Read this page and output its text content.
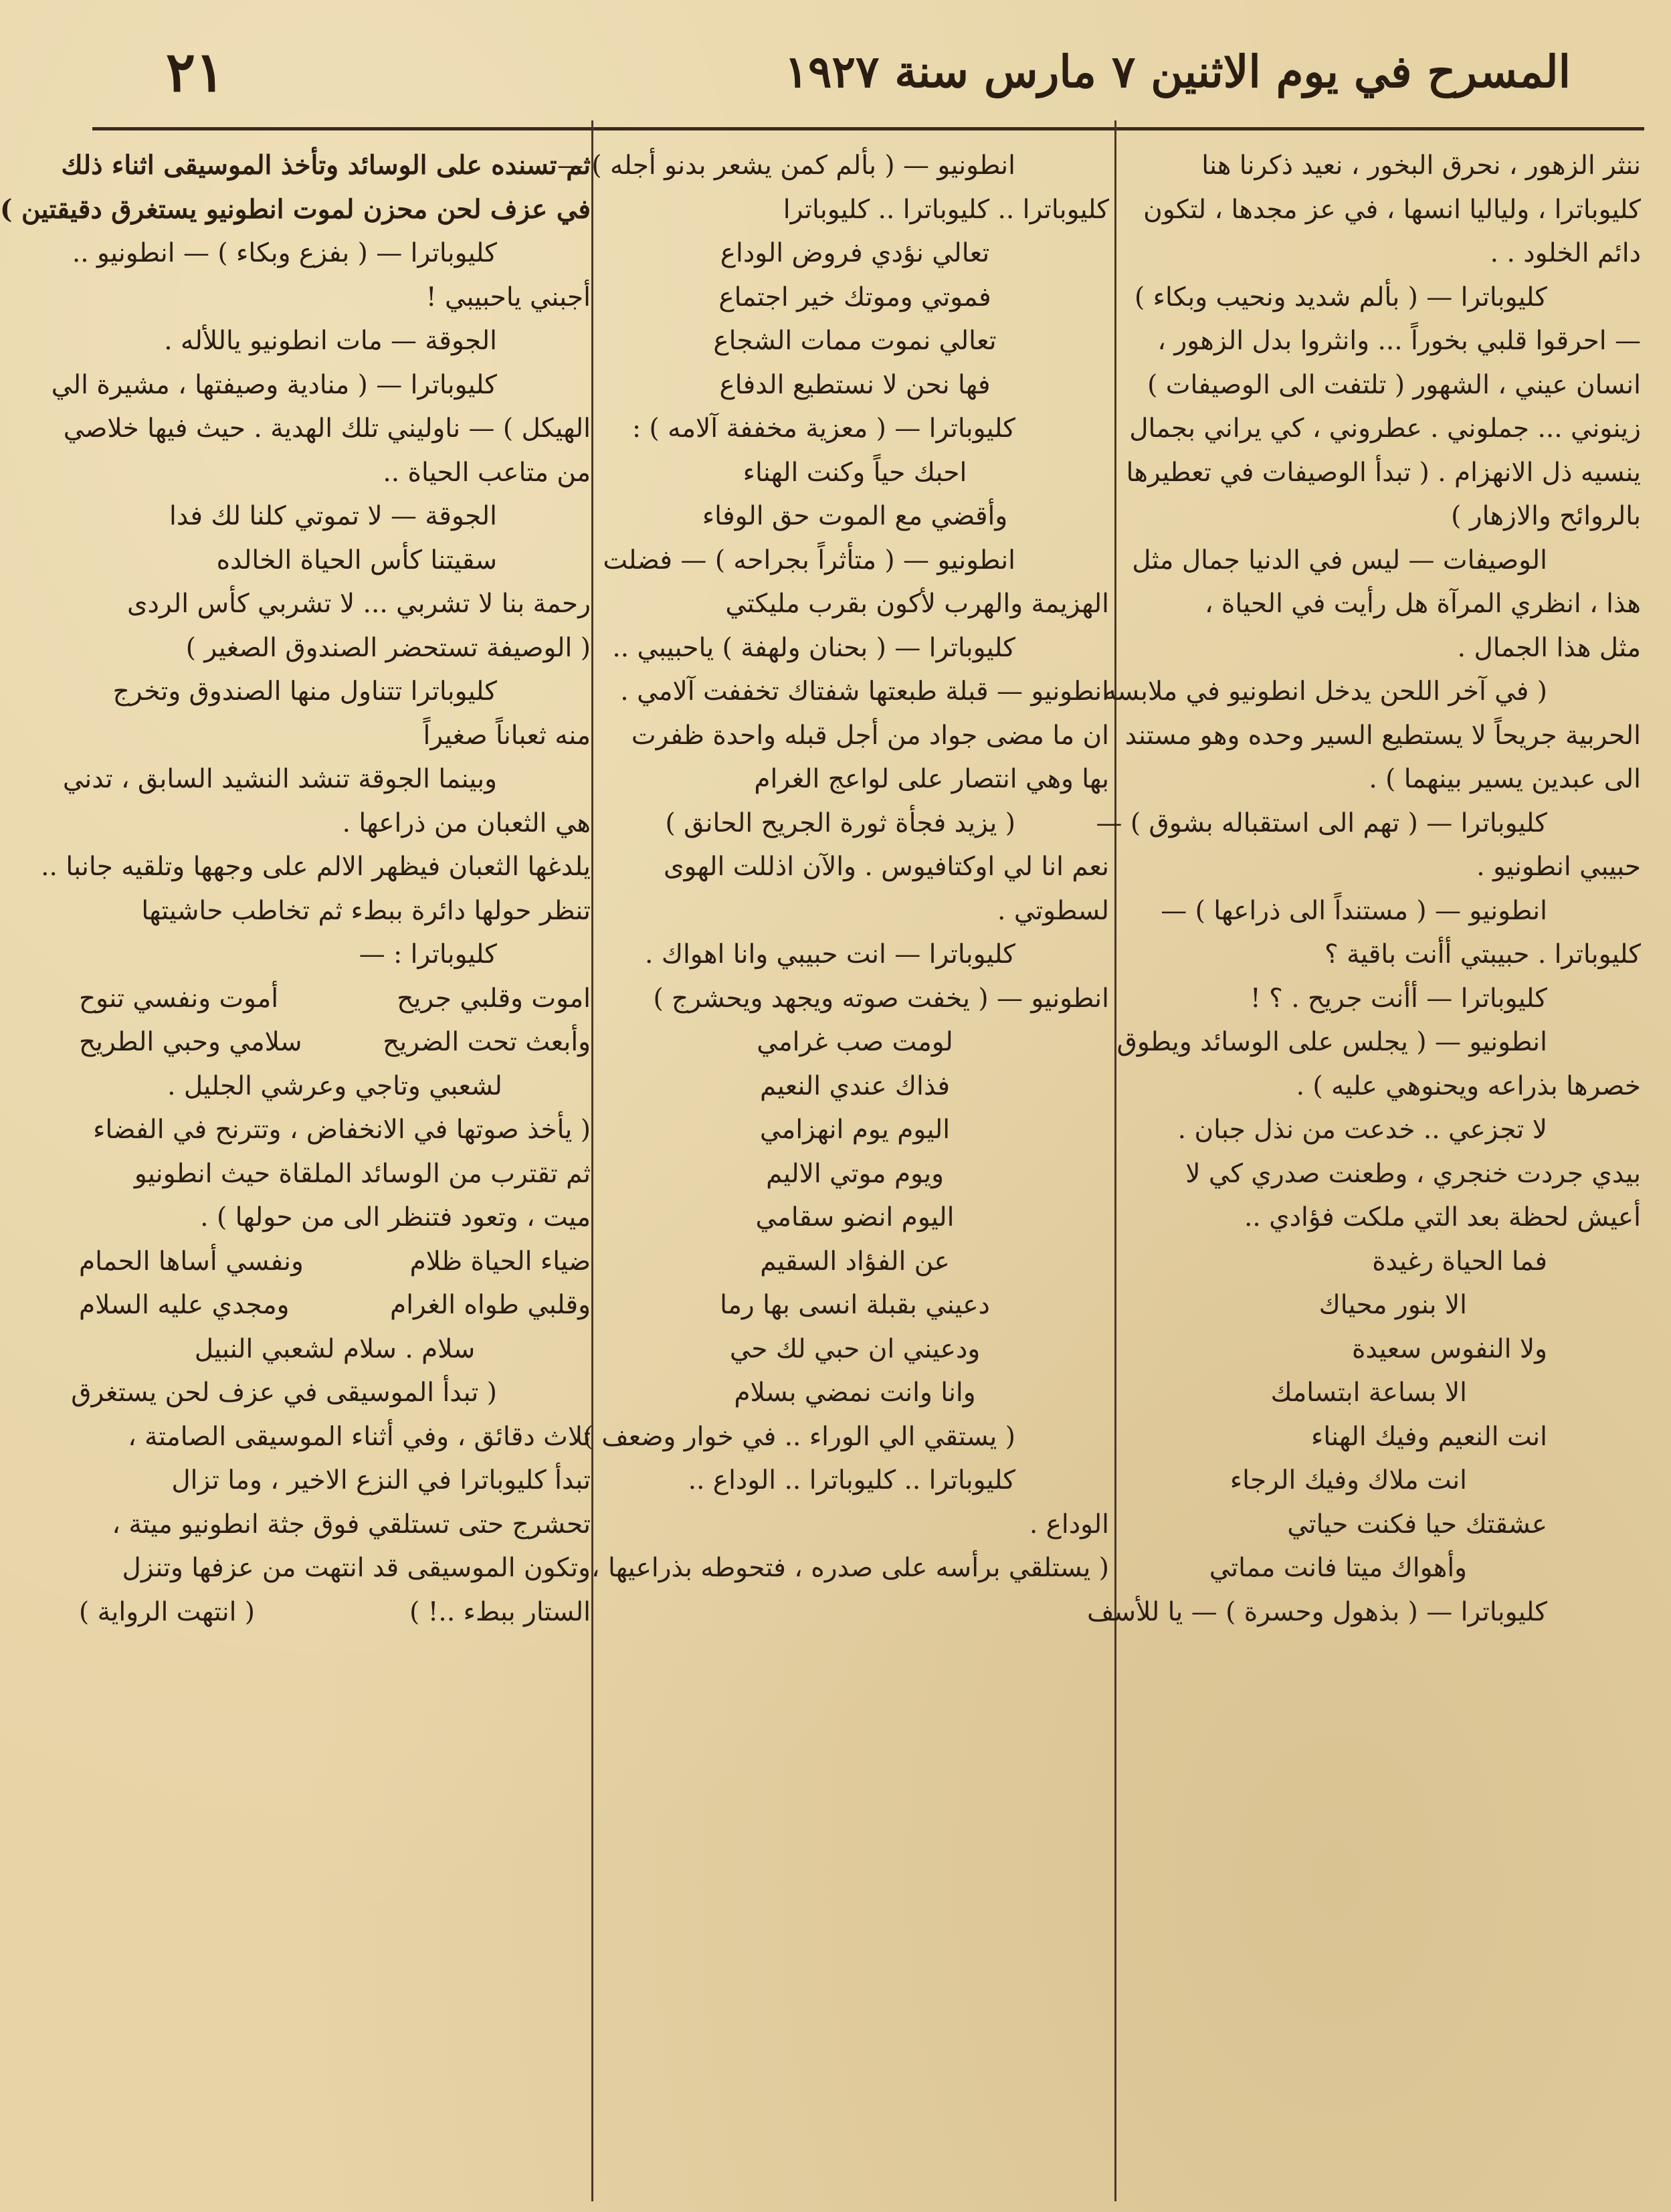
المسرح في يوم الاثنين ٧ مارس سنة ١٩٢٧
٢١

ننثر الزهور ، نحرق البخور ، نعيد ذكرنا هنا

كليوباترا ، ولياليا انسها ، في عز مجدها ، لتكون

دائم الخلود . .

كليوباترا — ( بألم شديد ونحيب وبكاء )

— احرقوا قلبي بخوراً ... وانثروا بدل الزهور ،

انسان عيني ، الشهور ( تلتفت الى الوصيفات )

زينوني ... جملوني . عطروني ، كي يراني بجمال

ينسيه ذل الانهزام . ( تبدأ الوصيفات في تعطيرها

بالروائح والازهار )

الوصيفات — ليس في الدنيا جمال مثل

هذا ، انظري المرآة هل رأيت في الحياة ،

مثل هذا الجمال .

( في آخر اللحن يدخل انطونيو في ملابسه

الحربية جريحاً لا يستطيع السير وحده وهو مستند

الى عبدين يسير بينهما ) .

كليوباترا — ( تهم الى استقباله بشوق ) —

حبيبي انطونيو .

انطونيو — ( مستنداً الى ذراعها ) —

كليوباترا . حبيبتي أأنت باقية ؟

كليوباترا — أأنت جريح . ؟ !

انطونيو — ( يجلس على الوسائد ويطوق

خصرها بذراعه ويحنوهي عليه ) .

لا تجزعي .. خدعت من نذل جبان .

بيدي جردت خنجري ، وطعنت صدري كي لا

أعيش لحظة بعد التي ملكت فؤادي ..

فما الحياة رغيدة

الا بنور محياك

ولا النفوس سعيدة

الا بساعة ابتسامك

انت النعيم وفيك الهناء

انت ملاك وفيك الرجاء

عشقتك حيا فكنت حياتي

وأهواك ميتا فانت مماتي

كليوباترا — ( بذهول وحسرة ) — يا للأسف

انطونيو — ( بألم كمن يشعر بدنو أجله ) —

كليوباترا .. كليوباترا .. كليوباترا

تعالي نؤدي فروض الوداع

فموتي وموتك خير اجتماع

تعالي نموت ممات الشجاع

فها نحن لا نستطيع الدفاع

كليوباترا — ( معزية مخففة آلامه ) :

احبك حياً وكنت الهناء

وأقضي مع الموت حق الوفاء

انطونيو — ( متأثراً بجراحه ) — فضلت

الهزيمة والهرب لأكون بقرب مليكتي

كليوباترا — ( بحنان ولهفة ) ياحبيبي ..

انطونيو — قبلة طبعتها شفتاك تخففت آلامي .

ان ما مضى جواد من أجل قبله واحدة ظفرت

بها وهي انتصار على لواعج الغرام

( يزيد فجأة ثورة الجريح الحانق )

نعم انا لي اوكتافيوس . والآن اذللت الهوى

لسطوتي .

كليوباترا — انت حبيبي وانا اهواك .

انطونيو — ( يخفت صوته ويجهد ويحشرج )

لومت صب غرامي

فذاك عندي النعيم

اليوم يوم انهزامي

ويوم موتي الاليم

اليوم انضو سقامي

عن الفؤاد السقيم

دعيني بقبلة انسى بها رما

ودعيني ان حبي لك حي

وانا وانت نمضي بسلام

( يستقي الي الوراء .. في خوار وضعف )

كليوباترا .. كليوباترا .. الوداع ..

الوداع .

( يستلقي برأسه على صدره ، فتحوطه بذراعيها ،

ثم تسنده على الوسائد وتأخذ الموسيقى اثناء ذلك

في عزف لحن محزن لموت انطونيو يستغرق دقيقتين )

كليوباترا — ( بفزع وبكاء ) — انطونيو ..

أجبني ياحبيبي !

الجوقة — مات انطونيو ياللأله .

كليوباترا — ( منادية وصيفتها ، مشيرة الي

الهيكل ) — ناوليني تلك الهدية . حيث فيها خلاصي

من متاعب الحياة ..

الجوقة — لا تموتي كلنا لك فدا

سقيتنا كأس الحياة الخالده

رحمة بنا لا تشربي ... لا تشربي كأس الردى

( الوصيفة تستحضر الصندوق الصغير )

كليوباترا تتناول منها الصندوق وتخرج

منه ثعباناً صغيراً

وبينما الجوقة تنشد النشيد السابق ، تدني

هي الثعبان من ذراعها .

يلدغها الثعبان فيظهر الالم على وجهها وتلقيه جانبا ..

تنظر حولها دائرة ببطء ثم تخاطب حاشيتها

كليوباترا : —

اموت وقلبي جريح
أموت ونفسي تنوح
وأبعث تحت الضريح
سلامي وحبي الطريح

لشعبي وتاجي وعرشي الجليل .

( يأخذ صوتها في الانخفاض ، وتترنح في الفضاء

ثم تقترب من الوسائد الملقاة حيث انطونيو

ميت ، وتعود فتنظر الى من حولها ) .

ضياء الحياة ظلام
ونفسي أساها الحمام
وقلبي طواه الغرام
ومجدي عليه السلام

سلام . سلام لشعبي النبيل

( تبدأ الموسيقى في عزف لحن يستغرق

ثلاث دقائق ، وفي أثناء الموسيقى الصامتة ،

تبدأ كليوباترا في النزع الاخير ، وما تزال

تحشرج حتى تستلقي فوق جثة انطونيو ميتة ،

وتكون الموسيقى قد انتهت من عزفها وتنزل

الستار ببطء ..! )
( انتهت الرواية )
